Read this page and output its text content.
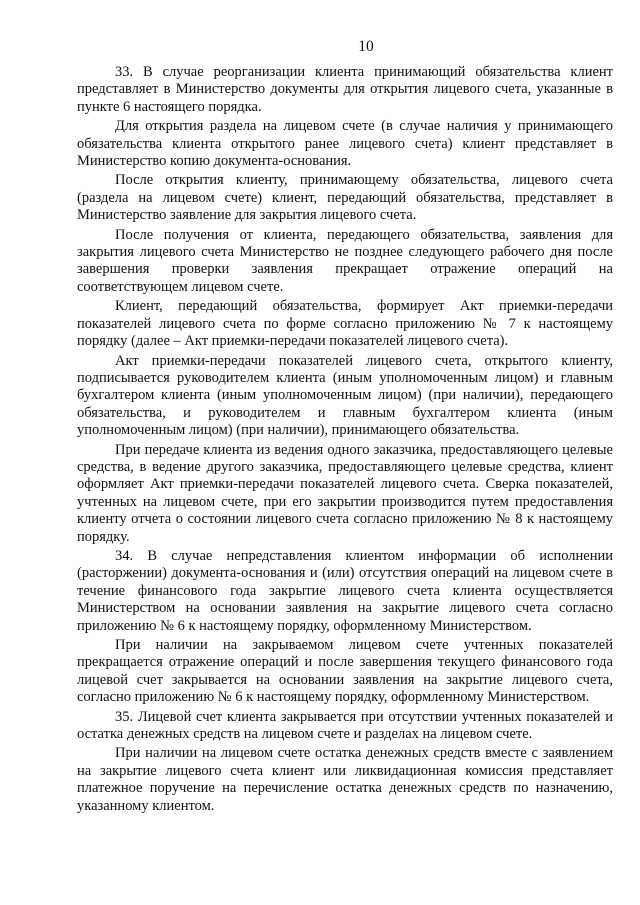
10

33. В случае реорганизации клиента принимающий обязательства клиент представляет в Министерство документы для открытия лицевого счета, указанные в пункте 6 настоящего порядка.

Для открытия раздела на лицевом счете (в случае наличия у принимающего обязательства клиента открытого ранее лицевого счета) клиент представляет в Министерство копию документа-основания.

После открытия клиенту, принимающему обязательства, лицевого счета (раздела на лицевом счете) клиент, передающий обязательства, представляет в Министерство заявление для закрытия лицевого счета.

После получения от клиента, передающего обязательства, заявления для закрытия лицевого счета Министерство не позднее следующего рабочего дня после завершения проверки заявления прекращает отражение операций на соответствующем лицевом счете.

Клиент, передающий обязательства, формирует Акт приемки-передачи показателей лицевого счета по форме согласно приложению № 7 к настоящему порядку (далее – Акт приемки-передачи показателей лицевого счета).

Акт приемки-передачи показателей лицевого счета, открытого клиенту, подписывается руководителем клиента (иным уполномоченным лицом) и главным бухгалтером клиента (иным уполномоченным лицом) (при наличии), передающего обязательства, и руководителем и главным бухгалтером клиента (иным уполномоченным лицом) (при наличии), принимающего обязательства.

При передаче клиента из ведения одного заказчика, предоставляющего целевые средства, в ведение другого заказчика, предоставляющего целевые средства, клиент оформляет Акт приемки-передачи показателей лицевого счета. Сверка показателей, учтенных на лицевом счете, при его закрытии производится путем предоставления клиенту отчета о состоянии лицевого счета согласно приложению № 8 к настоящему порядку.

34. В случае непредставления клиентом информации об исполнении (расторжении) документа-основания и (или) отсутствия операций на лицевом счете в течение финансового года закрытие лицевого счета клиента осуществляется Министерством на основании заявления на закрытие лицевого счета согласно приложению № 6 к настоящему порядку, оформленному Министерством.

При наличии на закрываемом лицевом счете учтенных показателей прекращается отражение операций и после завершения текущего финансового года лицевой счет закрывается на основании заявления на закрытие лицевого счета, согласно приложению № 6 к настоящему порядку, оформленному Министерством.

35. Лицевой счет клиента закрывается при отсутствии учтенных показателей и остатка денежных средств на лицевом счете и разделах на лицевом счете.

При наличии на лицевом счете остатка денежных средств вместе с заявлением на закрытие лицевого счета клиент или ликвидационная комиссия представляет платежное поручение на перечисление остатка денежных средств по назначению, указанному клиентом.
